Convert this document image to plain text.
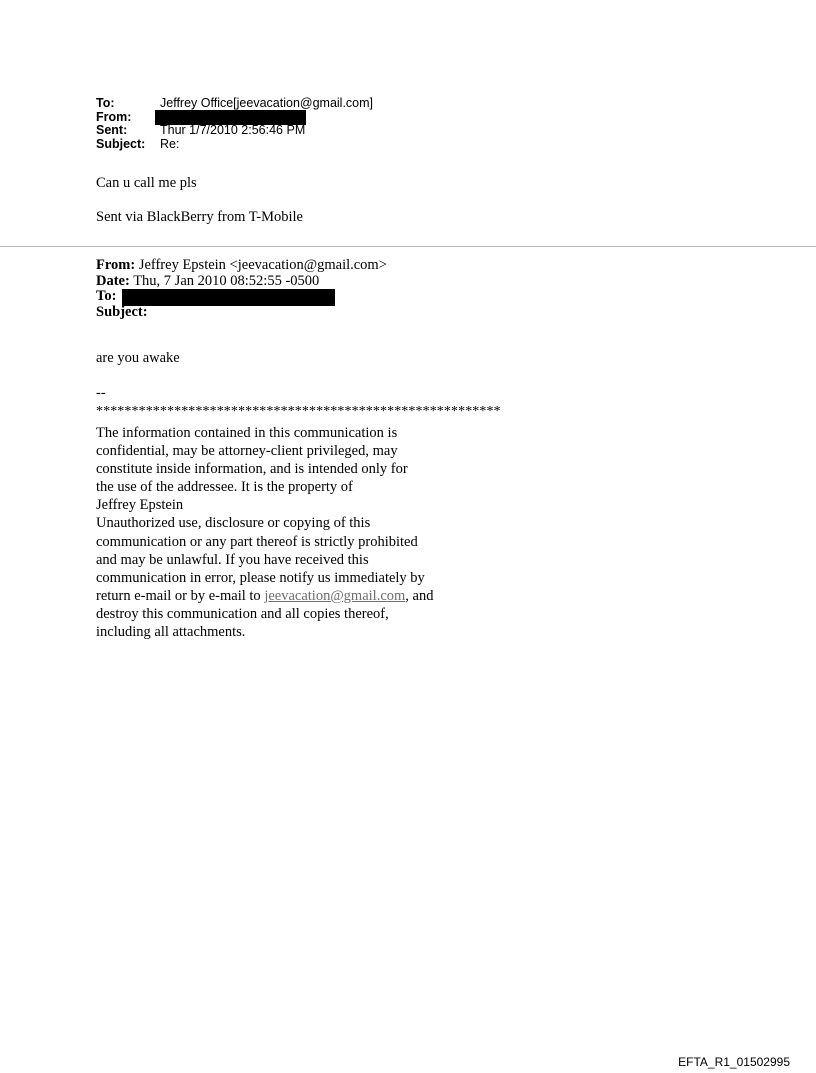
To:	Jeffrey Office[jeevacation@gmail.com]
From:
Sent:	Thur 1/7/2010 2:56:46 PM
Subject: Re:
Can u call me pls
Sent via BlackBerry from T-Mobile
From: Jeffrey Epstein <jeevacation@gmail.com>
Date: Thu, 7 Jan 2010 08:52:55 -0500
To:
Subject:
are you awake
--
*********************************************************
The information contained in this communication is
confidential, may be attorney-client privileged, may
constitute inside information, and is intended only for
the use of the addressee. It is the property of
Jeffrey Epstein
Unauthorized use, disclosure or copying of this
communication or any part thereof is strictly prohibited
and may be unlawful. If you have received this
communication in error, please notify us immediately by
return e-mail or by e-mail to jeevacation@gmail.com, and
destroy this communication and all copies thereof,
including all attachments.
EFTA_R1_01502995
